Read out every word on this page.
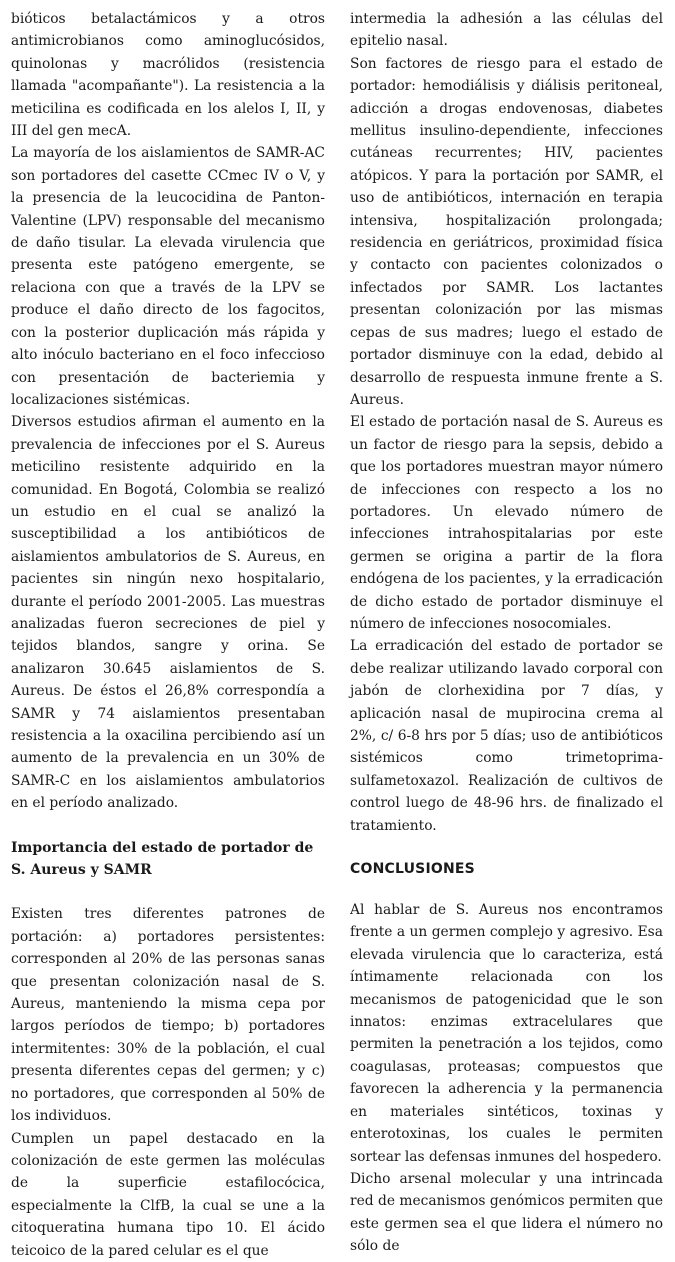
bióticos betalactámicos y a otros antimicrobianos como aminoglucósidos, quinolonas y macrólidos (resistencia llamada "acompañante"). La resistencia a la meticilina es codificada en los alelos I, II, y III del gen mecA.

La mayoría de los aislamientos de SAMR-AC son portadores del casette CCmec IV o V, y la presencia de la leucocidina de Panton-Valentine (LPV) responsable del mecanismo de daño tisular. La elevada virulencia que presenta este patógeno emergente, se relaciona con que a través de la LPV se produce el daño directo de los fagocitos, con la posterior duplicación más rápida y alto inóculo bacteriano en el foco infeccioso con presentación de bacteriemia y localizaciones sistémicas.

Diversos estudios afirman el aumento en la prevalencia de infecciones por el S. Aureus meticilino resistente adquirido en la comunidad. En Bogotá, Colombia se realizó un estudio en el cual se analizó la susceptibilidad a los antibióticos de aislamientos ambulatorios de S. Aureus, en pacientes sin ningún nexo hospitalario, durante el período 2001-2005. Las muestras analizadas fueron secreciones de piel y tejidos blandos, sangre y orina. Se analizaron 30.645 aislamientos de S. Aureus. De éstos el 26,8% correspondía a SAMR y 74 aislamientos presentaban resistencia a la oxacilina percibiendo así un aumento de la prevalencia en un 30% de SAMR-C en los aislamientos ambulatorios en el período analizado.

Importancia del estado de portador de S. Aureus y SAMR

Existen tres diferentes patrones de portación: a) portadores persistentes: corresponden al 20% de las personas sanas que presentan colonización nasal de S. Aureus, manteniendo la misma cepa por largos períodos de tiempo; b) portadores intermitentes: 30% de la población, el cual presenta diferentes cepas del germen; y c) no portadores, que corresponden al 50% de los individuos.

Cumplen un papel destacado en la colonización de este germen las moléculas de la superficie estafilocócica, especialmente la ClfB, la cual se une a la citoqueratina humana tipo 10. El ácido teicoico de la pared celular es el que

intermedia la adhesión a las células del epitelio nasal.

Son factores de riesgo para el estado de portador: hemodiálisis y diálisis peritoneal, adicción a drogas endovenosas, diabetes mellitus insulino-dependiente, infecciones cutáneas recurrentes; HIV, pacientes atópicos. Y para la portación por SAMR, el uso de antibióticos, internación en terapia intensiva, hospitalización prolongada; residencia en geriátricos, proximidad física y contacto con pacientes colonizados o infectados por SAMR. Los lactantes presentan colonización por las mismas cepas de sus madres; luego el estado de portador disminuye con la edad, debido al desarrollo de respuesta inmune frente a S. Aureus.

El estado de portación nasal de S. Aureus es un factor de riesgo para la sepsis, debido a que los portadores muestran mayor número de infecciones con respecto a los no portadores. Un elevado número de infecciones intrahospitalarias por este germen se origina a partir de la flora endógena de los pacientes, y la erradicación de dicho estado de portador disminuye el número de infecciones nosocomiales.

La erradicación del estado de portador se debe realizar utilizando lavado corporal con jabón de clorhexidina por 7 días, y aplicación nasal de mupirocina crema al 2%, c/ 6-8 hrs por 5 días; uso de antibióticos sistémicos como trimetoprima-sulfametoxazol. Realización de cultivos de control luego de 48-96 hrs. de finalizado el tratamiento.

CONCLUSIONES

Al hablar de S. Aureus nos encontramos frente a un germen complejo y agresivo. Esa elevada virulencia que lo caracteriza, está íntimamente relacionada con los mecanismos de patogenicidad que le son innatos: enzimas extracelulares que permiten la penetración a los tejidos, como coagulasas, proteasas; compuestos que favorecen la adherencia y la permanencia en materiales sintéticos, toxinas y enterotoxinas, los cuales le permiten sortear las defensas inmunes del hospedero.

Dicho arsenal molecular y una intrincada red de mecanismos genómicos permiten que este germen sea el que lidera el número no sólo de
